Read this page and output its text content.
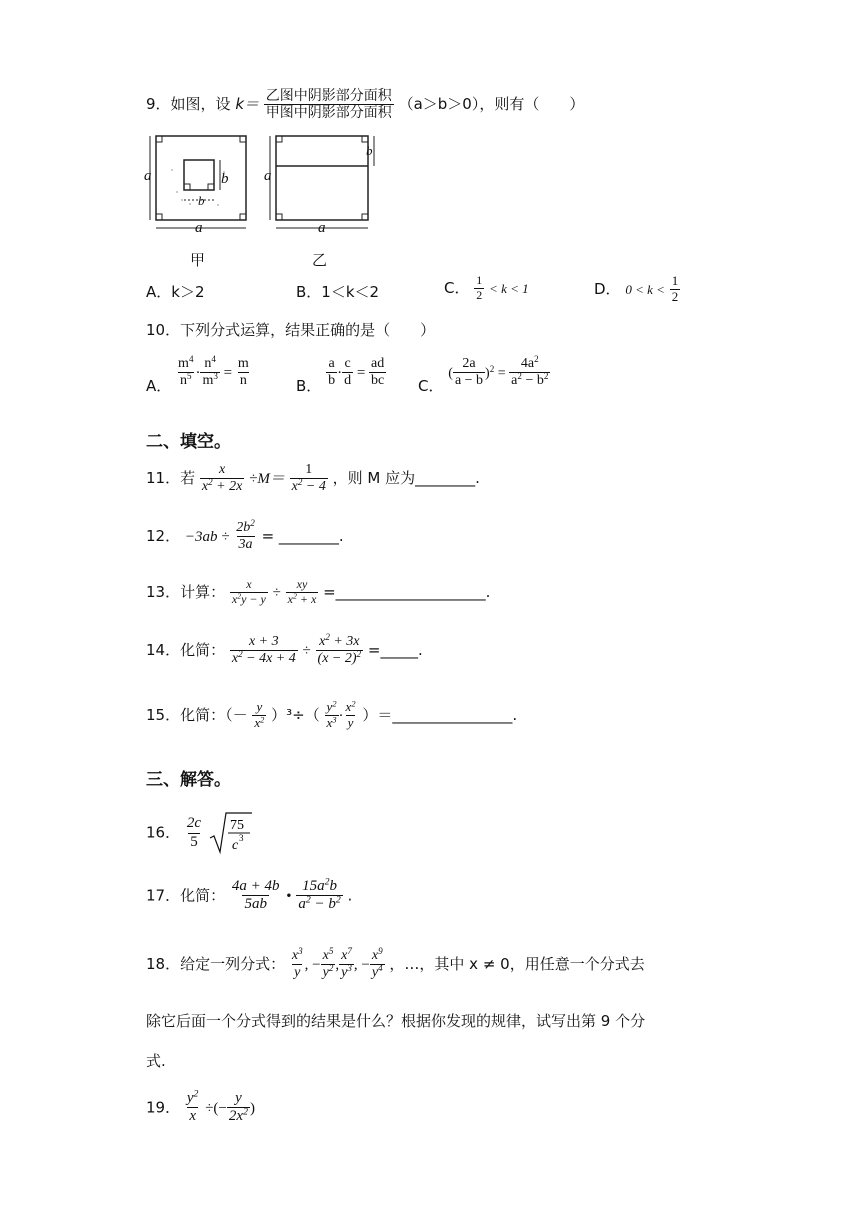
9．如图，设 $k= \frac{\text{乙图中阴影部分面积}}{\text{甲图中阴影部分面积}} (a>b>0)$，则有（　　）
a	b
b
a
甲
a
b
a
乙
A．k＞2	B．1＜k＜2	C． $\frac{1}{2} < k < 1$	D． $0 < k < \frac{1}{2}$
10．下列分式运算，结果正确的是（　　）
A． $\frac{m^4}{n^5} \cdot \frac{n^4}{m^3} = \frac{m}{n}$	B． $\frac{a}{b} \cdot \frac{c}{d} = \frac{ad}{bc}$ C． ( $\frac{2a}{a - b} )^2 = \frac{4a^2}{a^2 - b^2}$
二、填空。
11．若 $\frac{x}{x^2 + 2x} \div M= \frac{1}{x^2 - 4}$ ，则 M 应为________.
12． $-3ab \div \frac{2b^2}{3a}$ = ________.
13．计算： $\frac{x}{x^2y - y} \div \frac{xy}{x^2 + x}$ =____________________.
14．化简： $\frac{x + 3}{x^2 - 4x + 4} \div \frac{x^2 + 3x}{(x - 2)^2}$ =_____.
15．化简：（－ $\frac{y}{x^2} )^3\div( \frac{y^2}{x^3} \cdot \frac{x^2}{y}$ ）＝________________.
三、解答。
16． $\frac{2c}{5}$
75
c 3
17．化简： $\frac{4a + 4b}{5ab}$ • $\frac{15a^2b}{a^2 - b^2}$ .
18．给定一列分式： $\frac{x^3}{y}$ , − $\frac{x^5}{y^2}$ , $\frac{x^7}{y^3}$ , − $\frac{x^9}{y^4}$ ，…，其中 x ≠ 0，用任意一个分式去
除它后面一个分式得到的结果是什么？根据你发现的规律，试写出第 9 个分
式.
19． $\frac{y^2}{x}$ ÷(− $\frac{y}{2x^2}$ )
